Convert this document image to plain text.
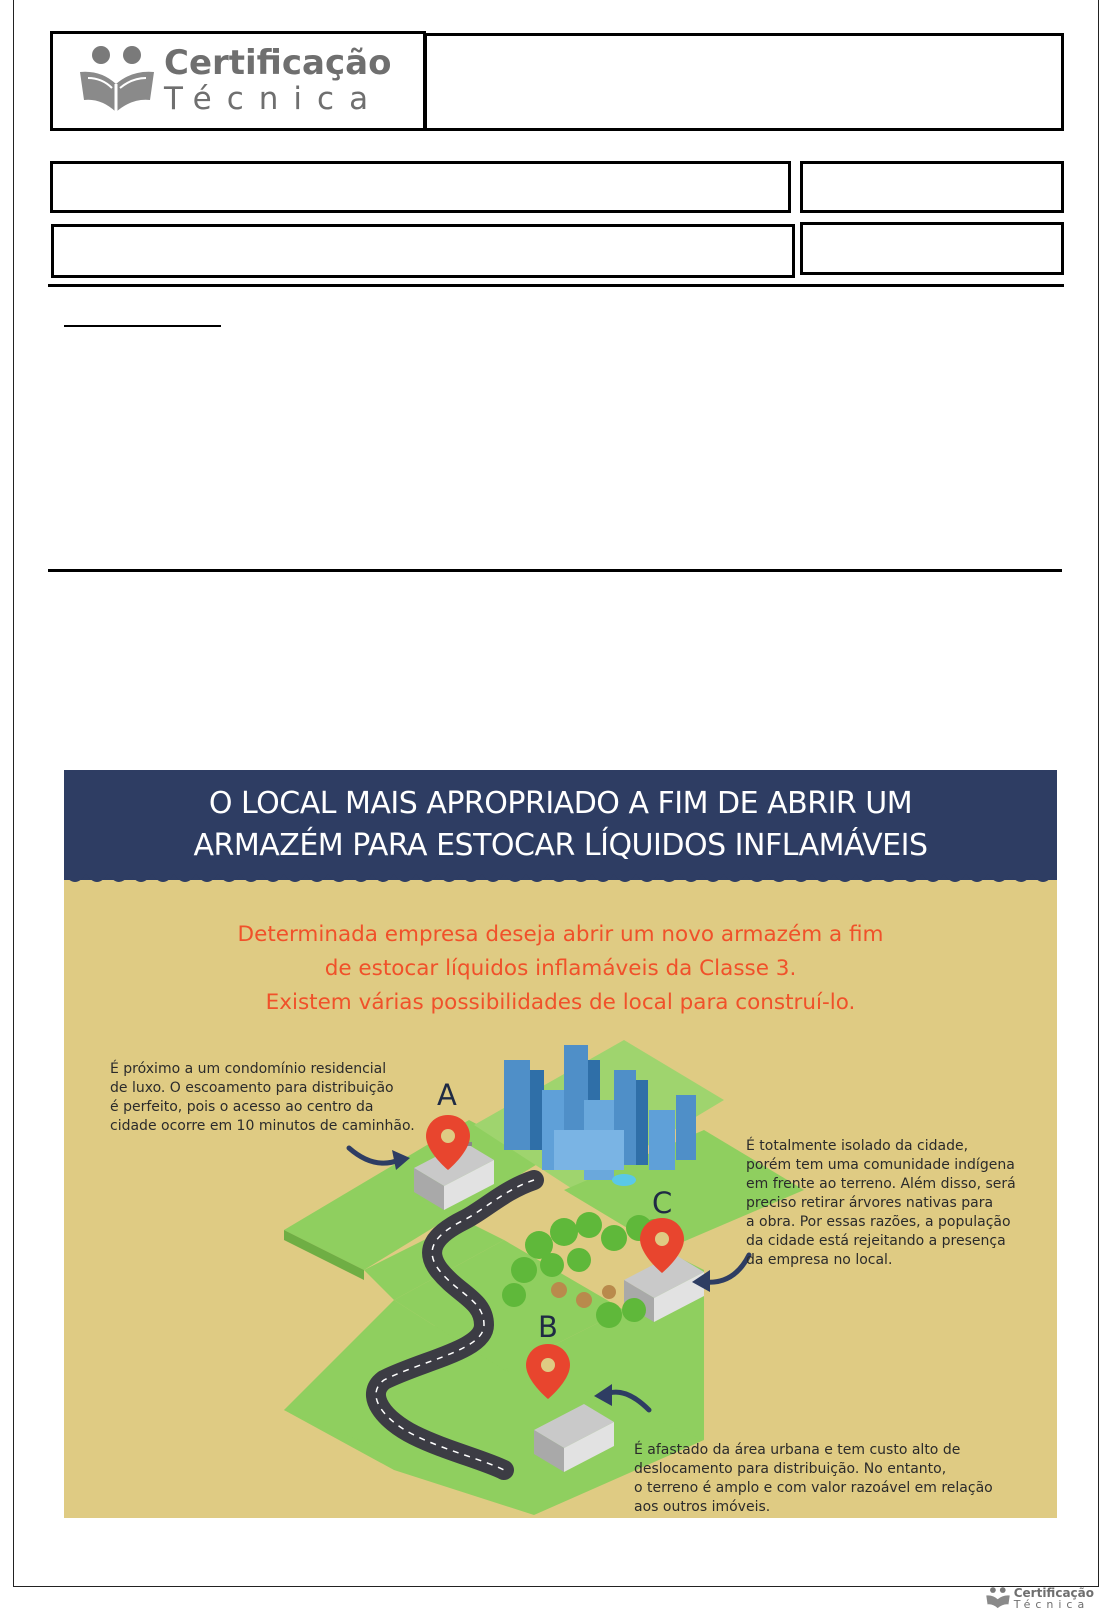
Certificação
Técnica
O LOCAL MAIS APROPRIADO A FIM DE ABRIR UM
ARMAZÉM PARA ESTOCAR LÍQUIDOS INFLAMÁVEIS
Determinada empresa deseja abrir um novo armazém a fim
de estocar líquidos inflamáveis da Classe 3.
Existem várias possibilidades de local para construí-lo.
A
C
B
É próximo a um condomínio residencial
de luxo. O escoamento para distribuição
é perfeito, pois o acesso ao centro da
cidade ocorre em 10 minutos de caminhão.
É totalmente isolado da cidade,
porém tem uma comunidade indígena
em frente ao terreno. Além disso, será
preciso retirar árvores nativas para
a obra. Por essas razões, a população
da cidade está rejeitando a presença
da empresa no local.
É afastado da área urbana e tem custo alto de
deslocamento para distribuição. No entanto,
o terreno é amplo e com valor razoável em relação
aos outros imóveis.
Certificação
Técnica
